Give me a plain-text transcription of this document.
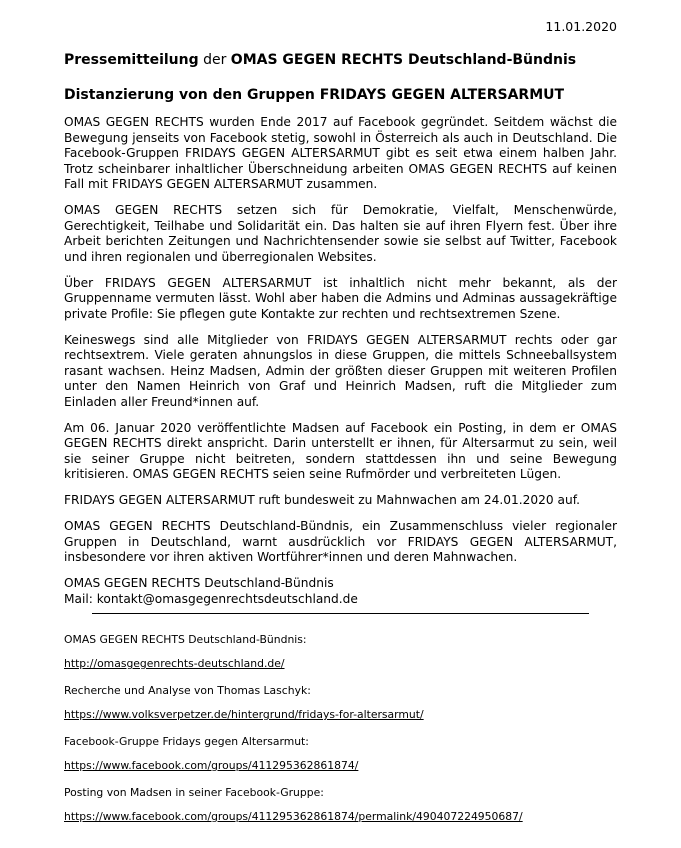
11.01.2020
Pressemitteilung der OMAS GEGEN RECHTS Deutschland-Bündnis
Distanzierung von den Gruppen FRIDAYS GEGEN ALTERSARMUT

OMAS GEGEN RECHTS wurden Ende 2017 auf Facebook gegründet. Seitdem wächst die Bewegung jenseits von Facebook stetig, sowohl in Österreich als auch in Deutschland. Die Facebook-Gruppen FRIDAYS GEGEN ALTERSARMUT gibt es seit etwa einem halben Jahr. Trotz scheinbarer inhaltlicher Überschneidung arbeiten OMAS GEGEN RECHTS auf keinen Fall mit FRIDAYS GEGEN ALTERSARMUT zusammen.

OMAS GEGEN RECHTS setzen sich für Demokratie, Vielfalt, Menschenwürde, Gerechtigkeit, Teilhabe und Solidarität ein. Das halten sie auf ihren Flyern fest. Über ihre Arbeit berichten Zeitungen und Nachrichtensender sowie sie selbst auf Twitter, Facebook und ihren regionalen und überregionalen Websites.

Über FRIDAYS GEGEN ALTERSARMUT ist inhaltlich nicht mehr bekannt, als der Gruppenname vermuten lässt. Wohl aber haben die Admins und Adminas aussagekräftige private Profile: Sie pflegen gute Kontakte zur rechten und rechtsextremen Szene.

Keineswegs sind alle Mitglieder von FRIDAYS GEGEN ALTERSARMUT rechts oder gar rechtsextrem. Viele geraten ahnungslos in diese Gruppen, die mittels Schneeballsystem rasant wachsen. Heinz Madsen, Admin der größten dieser Gruppen mit weiteren Profilen unter den Namen Heinrich von Graf und Heinrich Madsen, ruft die Mitglieder zum Einladen aller Freund*innen auf.

Am 06. Januar 2020 veröffentlichte Madsen auf Facebook ein Posting, in dem er OMAS GEGEN RECHTS direkt anspricht. Darin unterstellt er ihnen, für Altersarmut zu sein, weil sie seiner Gruppe nicht beitreten, sondern stattdessen ihn und seine Bewegung kritisieren. OMAS GEGEN RECHTS seien seine Rufmörder und verbreiteten Lügen.

FRIDAYS GEGEN ALTERSARMUT ruft bundesweit zu Mahnwachen am 24.01.2020 auf.

OMAS GEGEN RECHTS Deutschland-Bündnis, ein Zusammenschluss vieler regionaler Gruppen in Deutschland, warnt ausdrücklich vor FRIDAYS GEGEN ALTERSARMUT, insbesondere vor ihren aktiven Wortführer*innen und deren Mahnwachen.

OMAS GEGEN RECHTS Deutschland-Bündnis
Mail: kontakt@omasgegenrechtsdeutschland.de
OMAS GEGEN RECHTS Deutschland-Bündnis:
http://omasgegenrechts-deutschland.de/
Recherche und Analyse von Thomas Laschyk:
https://www.volksverpetzer.de/hintergrund/fridays-for-altersarmut/
Facebook-Gruppe Fridays gegen Altersarmut:
https://www.facebook.com/groups/411295362861874/
Posting von Madsen in seiner Facebook-Gruppe:
https://www.facebook.com/groups/411295362861874/permalink/490407224950687/
